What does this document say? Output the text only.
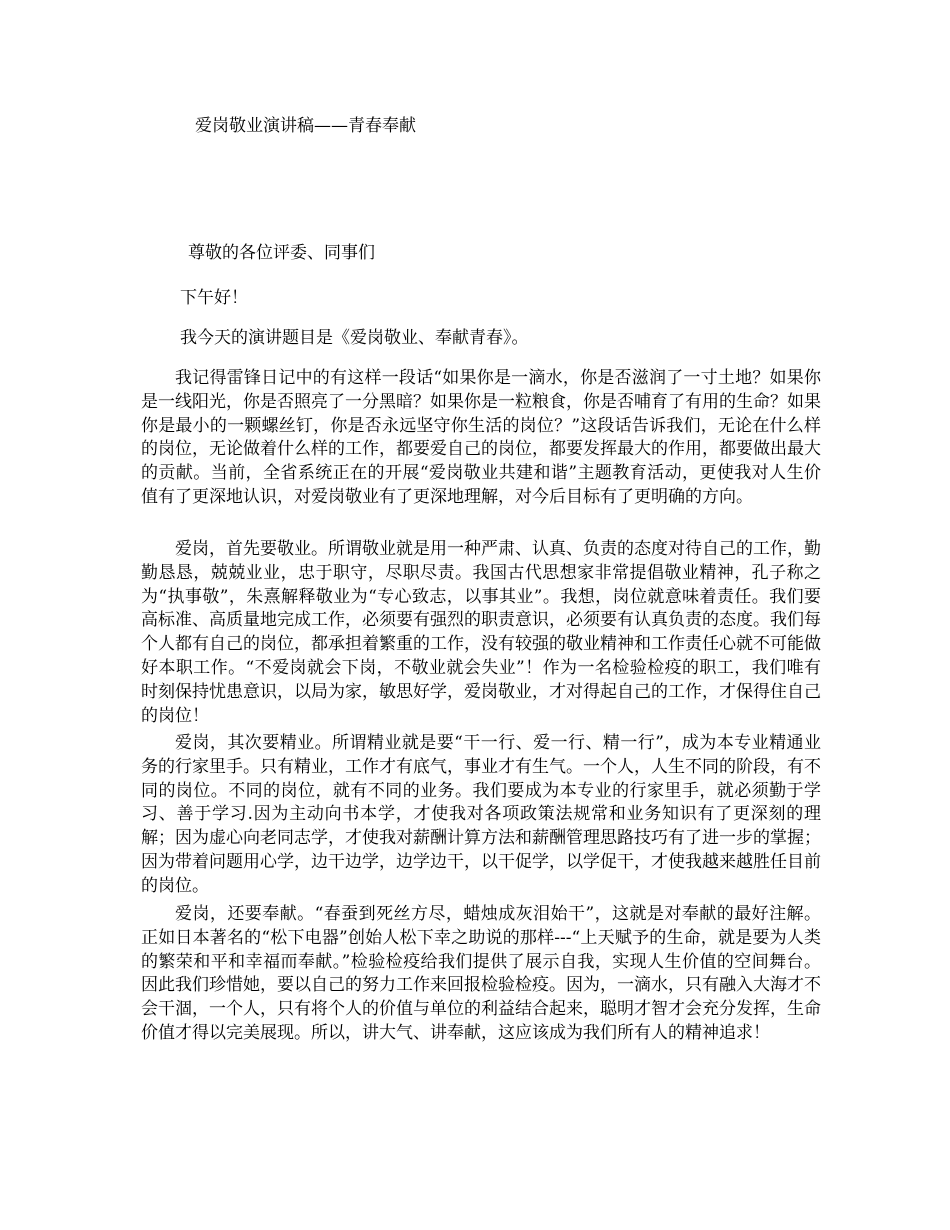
爱岗敬业演讲稿——青春奉献
尊敬的各位评委、同事们
下午好！
我今天的演讲题目是《爱岗敬业、奉献青春》。

我记得雷锋日记中的有这样一段话“如果你是一滴水，你是否滋润了一寸土地？如果你是一线阳光，你是否照亮了一分黑暗？如果你是一粒粮食，你是否哺育了有用的生命？如果你是最小的一颗螺丝钉，你是否永远坚守你生活的岗位？”这段话告诉我们，无论在什么样的岗位，无论做着什么样的工作，都要爱自己的岗位，都要发挥最大的作用，都要做出最大的贡献。当前，全省系统正在的开展“爱岗敬业共建和谐”主题教育活动，更使我对人生价值有了更深地认识，对爱岗敬业有了更深地理解，对今后目标有了更明确的方向。

爱岗，首先要敬业。所谓敬业就是用一种严肃、认真、负责的态度对待自己的工作，勤勤恳恳，兢兢业业，忠于职守，尽职尽责。我国古代思想家非常提倡敬业精神，孔子称之为“执事敬”，朱熹解释敬业为“专心致志，以事其业”。我想，岗位就意味着责任。我们要高标准、高质量地完成工作，必须要有强烈的职责意识，必须要有认真负责的态度。我们每个人都有自己的岗位，都承担着繁重的工作，没有较强的敬业精神和工作责任心就不可能做好本职工作。“不爱岗就会下岗，不敬业就会失业”！作为一名检验检疫的职工，我们唯有时刻保持忧患意识，以局为家，敏思好学，爱岗敬业，才对得起自己的工作，才保得住自己的岗位！

爱岗，其次要精业。所谓精业就是要“干一行、爱一行、精一行”，成为本专业精通业务的行家里手。只有精业，工作才有底气，事业才有生气。一个人，人生不同的阶段，有不同的岗位。不同的岗位，就有不同的业务。我们要成为本专业的行家里手，就必须勤于学习、善于学习.因为主动向书本学，才使我对各项政策法规常和业务知识有了更深刻的理解；因为虚心向老同志学，才使我对薪酬计算方法和薪酬管理思路技巧有了进一步的掌握；因为带着问题用心学，边干边学，边学边干，以干促学，以学促干，才使我越来越胜任目前的岗位。

爱岗，还要奉献。“春蚕到死丝方尽，蜡烛成灰泪始干”，这就是对奉献的最好注解。正如日本著名的“松下电器”创始人松下幸之助说的那样---“上天赋予的生命，就是要为人类的繁荣和平和幸福而奉献。”检验检疫给我们提供了展示自我，实现人生价值的空间舞台。因此我们珍惜她，要以自己的努力工作来回报检验检疫。因为，一滴水，只有融入大海才不会干涸，一个人，只有将个人的价值与单位的利益结合起来，聪明才智才会充分发挥，生命价值才得以完美展现。所以，讲大气、讲奉献，这应该成为我们所有人的精神追求！
